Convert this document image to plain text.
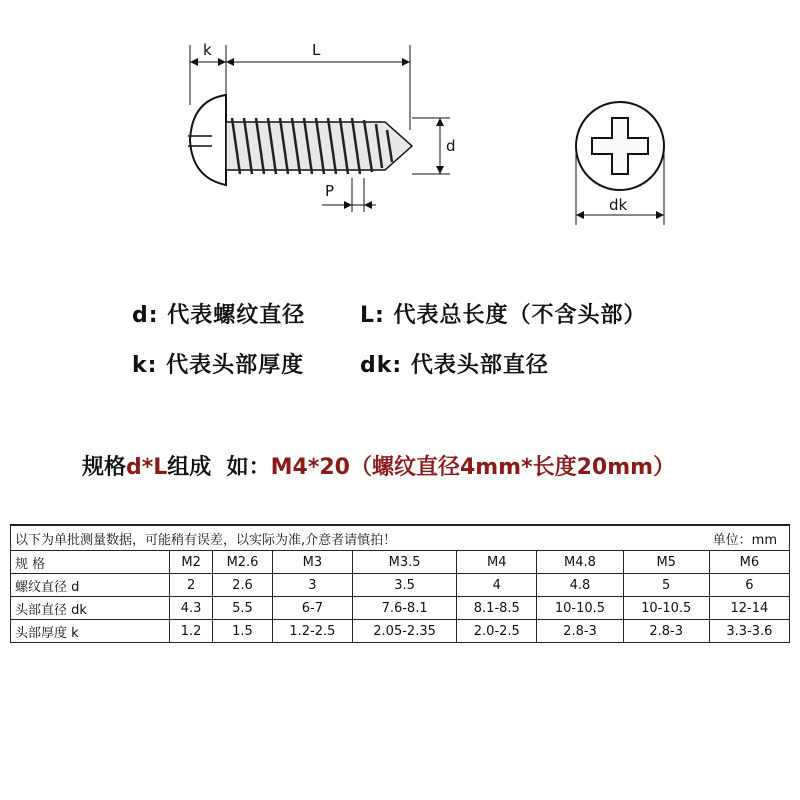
k	L
d
P
dk
d: 代表螺纹直径 L: 代表总长度（不含头部）
k: 代表头部厚度	dk: 代表头部直径
规格d*L组成  如：M4*20（螺纹直径4mm*长度20mm）
以下为单批测量数据，可能稍有误差，以实际为准,介意者请慎拍！ 单位：mm								

规 格	M2	M2.6	M3	M3.5	M4	M4.8	M5	M6
螺纹直径 d	2	2.6	3	3.5	4	4.8	5	6
头部直径 dk	4.3	5.5	6-7	7.6-8.1	8.1-8.5	10-10.5	10-10.5	12-14
头部厚度 k	1.2	1.5	1.2-2.5	2.05-2.35	2.0-2.5	2.8-3	2.8-3	3.3-3.6
